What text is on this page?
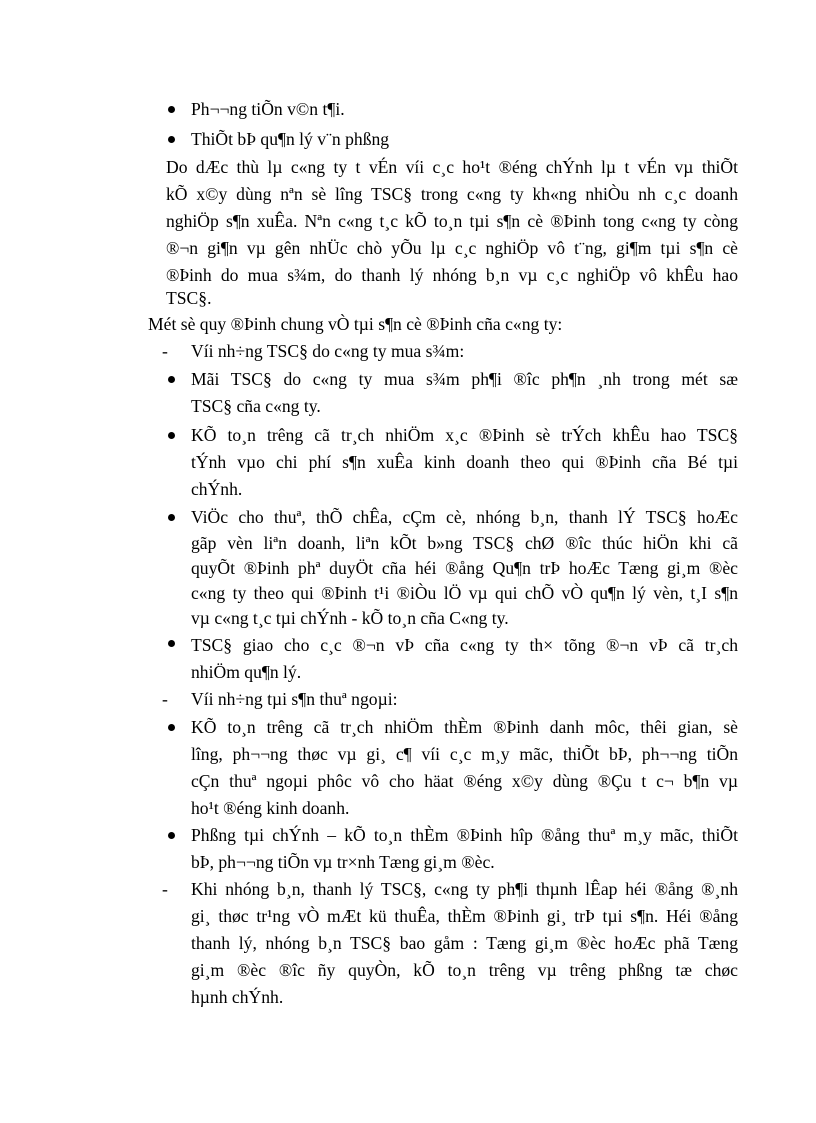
-
-
-
Ph¬¬ng tiÕn v©n t¶i.
ThiÕt bÞ qu¶n lý v¨n phßng
Do dÆc thù lµ c«ng ty t vÉn víi c¸c ho¹t ®éng chÝnh lµ t vÉn vµ thiÕt
kÕ x©y dùng nªn sè lîng TSC§ trong c«ng ty kh«ng nhiÒu nh c¸c doanh
nghiÖp s¶n xuÊa. Nªn c«ng t¸c kÕ to¸n tµi s¶n cè ®Þinh tong c«ng ty còng
®¬n gi¶n vµ gên nhÜc chò yÕu lµ c¸c nghiÖp vô t¨ng, gi¶m tµi s¶n cè
®Þinh do mua s¾m, do thanh lý nhóng b¸n vµ c¸c nghiÖp vô khÊu hao
TSC§.
Mét sè quy ®Þinh chung vÒ tµi s¶n cè ®Þinh cña c«ng ty:
Víi nh÷ng TSC§ do c«ng ty mua s¾m:
Mãi TSC§ do c«ng ty mua s¾m ph¶i ®îc ph¶n ¸nh trong mét sæ
TSC§ cña c«ng ty.
KÕ to¸n trêng cã tr¸ch nhiÖm x¸c ®Þinh sè trÝch khÊu hao TSC§
tÝnh vµo chi phí s¶n xuÊa kinh doanh theo qui ®Þinh cña Bé tµi
chÝnh.
ViÖc cho thuª, thÕ chÊa, cÇm cè, nhóng b¸n, thanh lÝ TSC§ hoÆc
gãp vèn liªn doanh, liªn kÕt b»ng TSC§ chØ ®îc thúc hiÖn khi cã
quyÕt ®Þinh phª duyÖt cña héi ®ång Qu¶n trÞ hoÆc Tæng gi¸m ®èc
c«ng ty theo qui ®Þinh t¹i ®iÒu lÖ vµ qui chÕ vÒ qu¶n lý vèn, t¸I s¶n
vµ c«ng t¸c tµi chÝnh - kÕ to¸n cña C«ng ty.
TSC§ giao cho c¸c ®¬n vÞ cña c«ng ty th× tõng ®¬n vÞ cã tr¸ch
nhiÖm qu¶n lý.
Víi nh÷ng tµi s¶n thuª ngoµi:
KÕ to¸n trêng cã tr¸ch nhiÖm thÈm ®Þinh danh môc, thêi gian, sè
lîng, ph¬¬ng thøc vµ gi¸ c¶ víi c¸c m¸y mãc, thiÕt bÞ, ph¬¬ng tiÕn
cÇn thuª ngoµi phôc vô cho häat ®éng x©y dùng ®Çu t c¬ b¶n vµ
ho¹t ®éng kinh doanh.
Phßng tµi chÝnh – kÕ to¸n thÈm ®Þinh hîp ®ång thuª m¸y mãc, thiÕt
bÞ, ph¬¬ng tiÕn vµ tr×nh Tæng gi¸m ®èc.
Khi nhóng b¸n, thanh lý TSC§, c«ng ty ph¶i thµnh lÊap héi ®ång ®¸nh
gi¸ thøc tr¹ng vÒ mÆt kü thuÊa, thÈm ®Þinh gi¸ trÞ tµi s¶n. Héi ®ång
thanh lý, nhóng b¸n TSC§ bao gåm : Tæng gi¸m ®èc hoÆc phã Tæng
gi¸m ®èc ®îc ñy quyÒn, kÕ to¸n trêng vµ trêng phßng tæ chøc
hµnh chÝnh.
